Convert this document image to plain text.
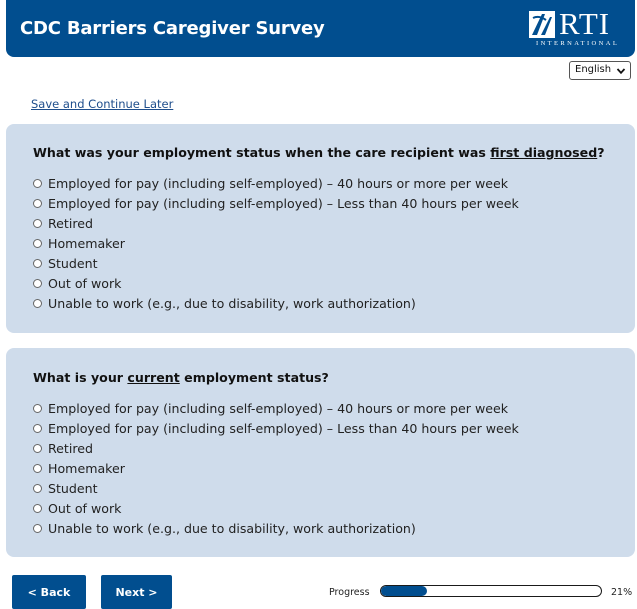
CDC Barriers Caregiver Survey	RTI
INTERNATIONAL
English
Save and Continue Later
What was your employment status when the care recipient was first diagnosed?
Employed for pay (including self-employed) – 40 hours or more per week
Employed for pay (including self-employed) – Less than 40 hours per week
Retired
Homemaker
Student
Out of work
Unable to work (e.g., due to disability, work authorization)
What is your current employment status?
Employed for pay (including self-employed) – 40 hours or more per week
Employed for pay (including self-employed) – Less than 40 hours per week
Retired
Homemaker
Student
Out of work
Unable to work (e.g., due to disability, work authorization)
< Back	Next >	Progress	21%
